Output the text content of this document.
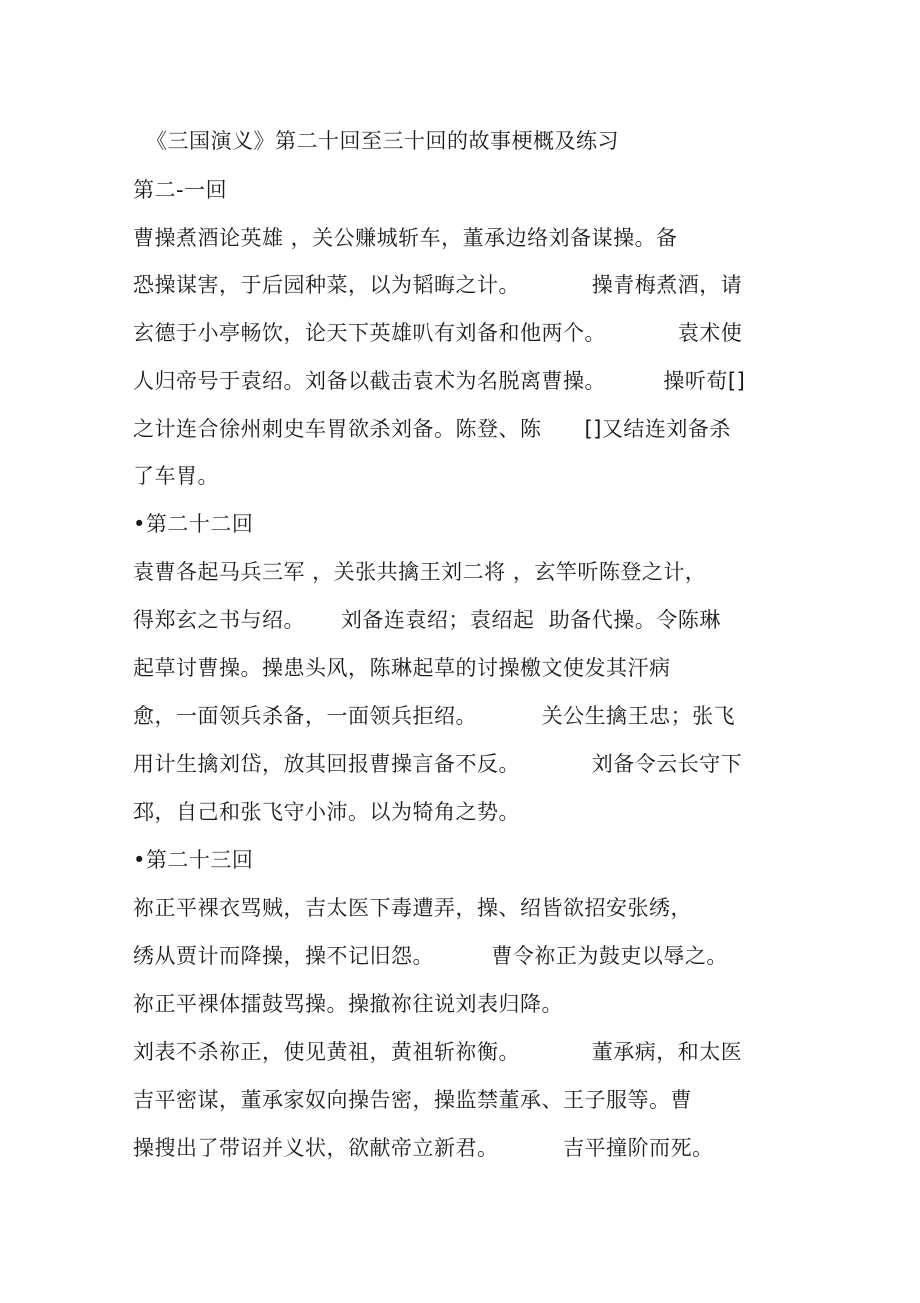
《三国演义》第二十回至三十回的故事梗概及练习
第二-一回
曹操煮酒论英雄 ，关公赚城斩车，董承边络刘备谋操。备
恐操谋害，于后园种菜，以为韬晦之计。          操青梅煮酒，请
玄德于小亭畅饮，论天下英雄叭有刘备和他两个。          袁术使
人归帝号于袁绍。刘备以截击袁术为名脱离曹操。        操听荀[]
之计连合徐州刺史车胃欲杀刘备。陈登、陈      []又结连刘备杀
了车胃。
•第二十二回
袁曹各起马兵三军 ，关张共擒王刘二将 ，玄竿听陈登之计，
得郑玄之书与绍。     刘备连袁绍；袁绍起  助备代操。令陈琳
起草讨曹操。操患头风，陈琳起草的讨操檄文使发其汗病
愈，一面领兵杀备，一面领兵拒绍。         关公生擒王忠；张飞
用计生擒刘岱，放其回报曹操言备不反。          刘备令云长守下
邳，自己和张飞守小沛。以为犄角之势。
•第二十三回
祢正平裸衣骂贼，吉太医下毒遭弄，操、绍皆欲招安张绣，
绣从贾计而降操，操不记旧怨。        曹令祢正为鼓吏以辱之。
祢正平裸体擂鼓骂操。操撤祢往说刘表归降。
刘表不杀祢正，使见黄祖，黄祖斩祢衡。          董承病，和太医
吉平密谋，董承家奴向操告密，操监禁董承、王子服等。曹
操搜出了带诏并义状，欲献帝立新君。         吉平撞阶而死。
